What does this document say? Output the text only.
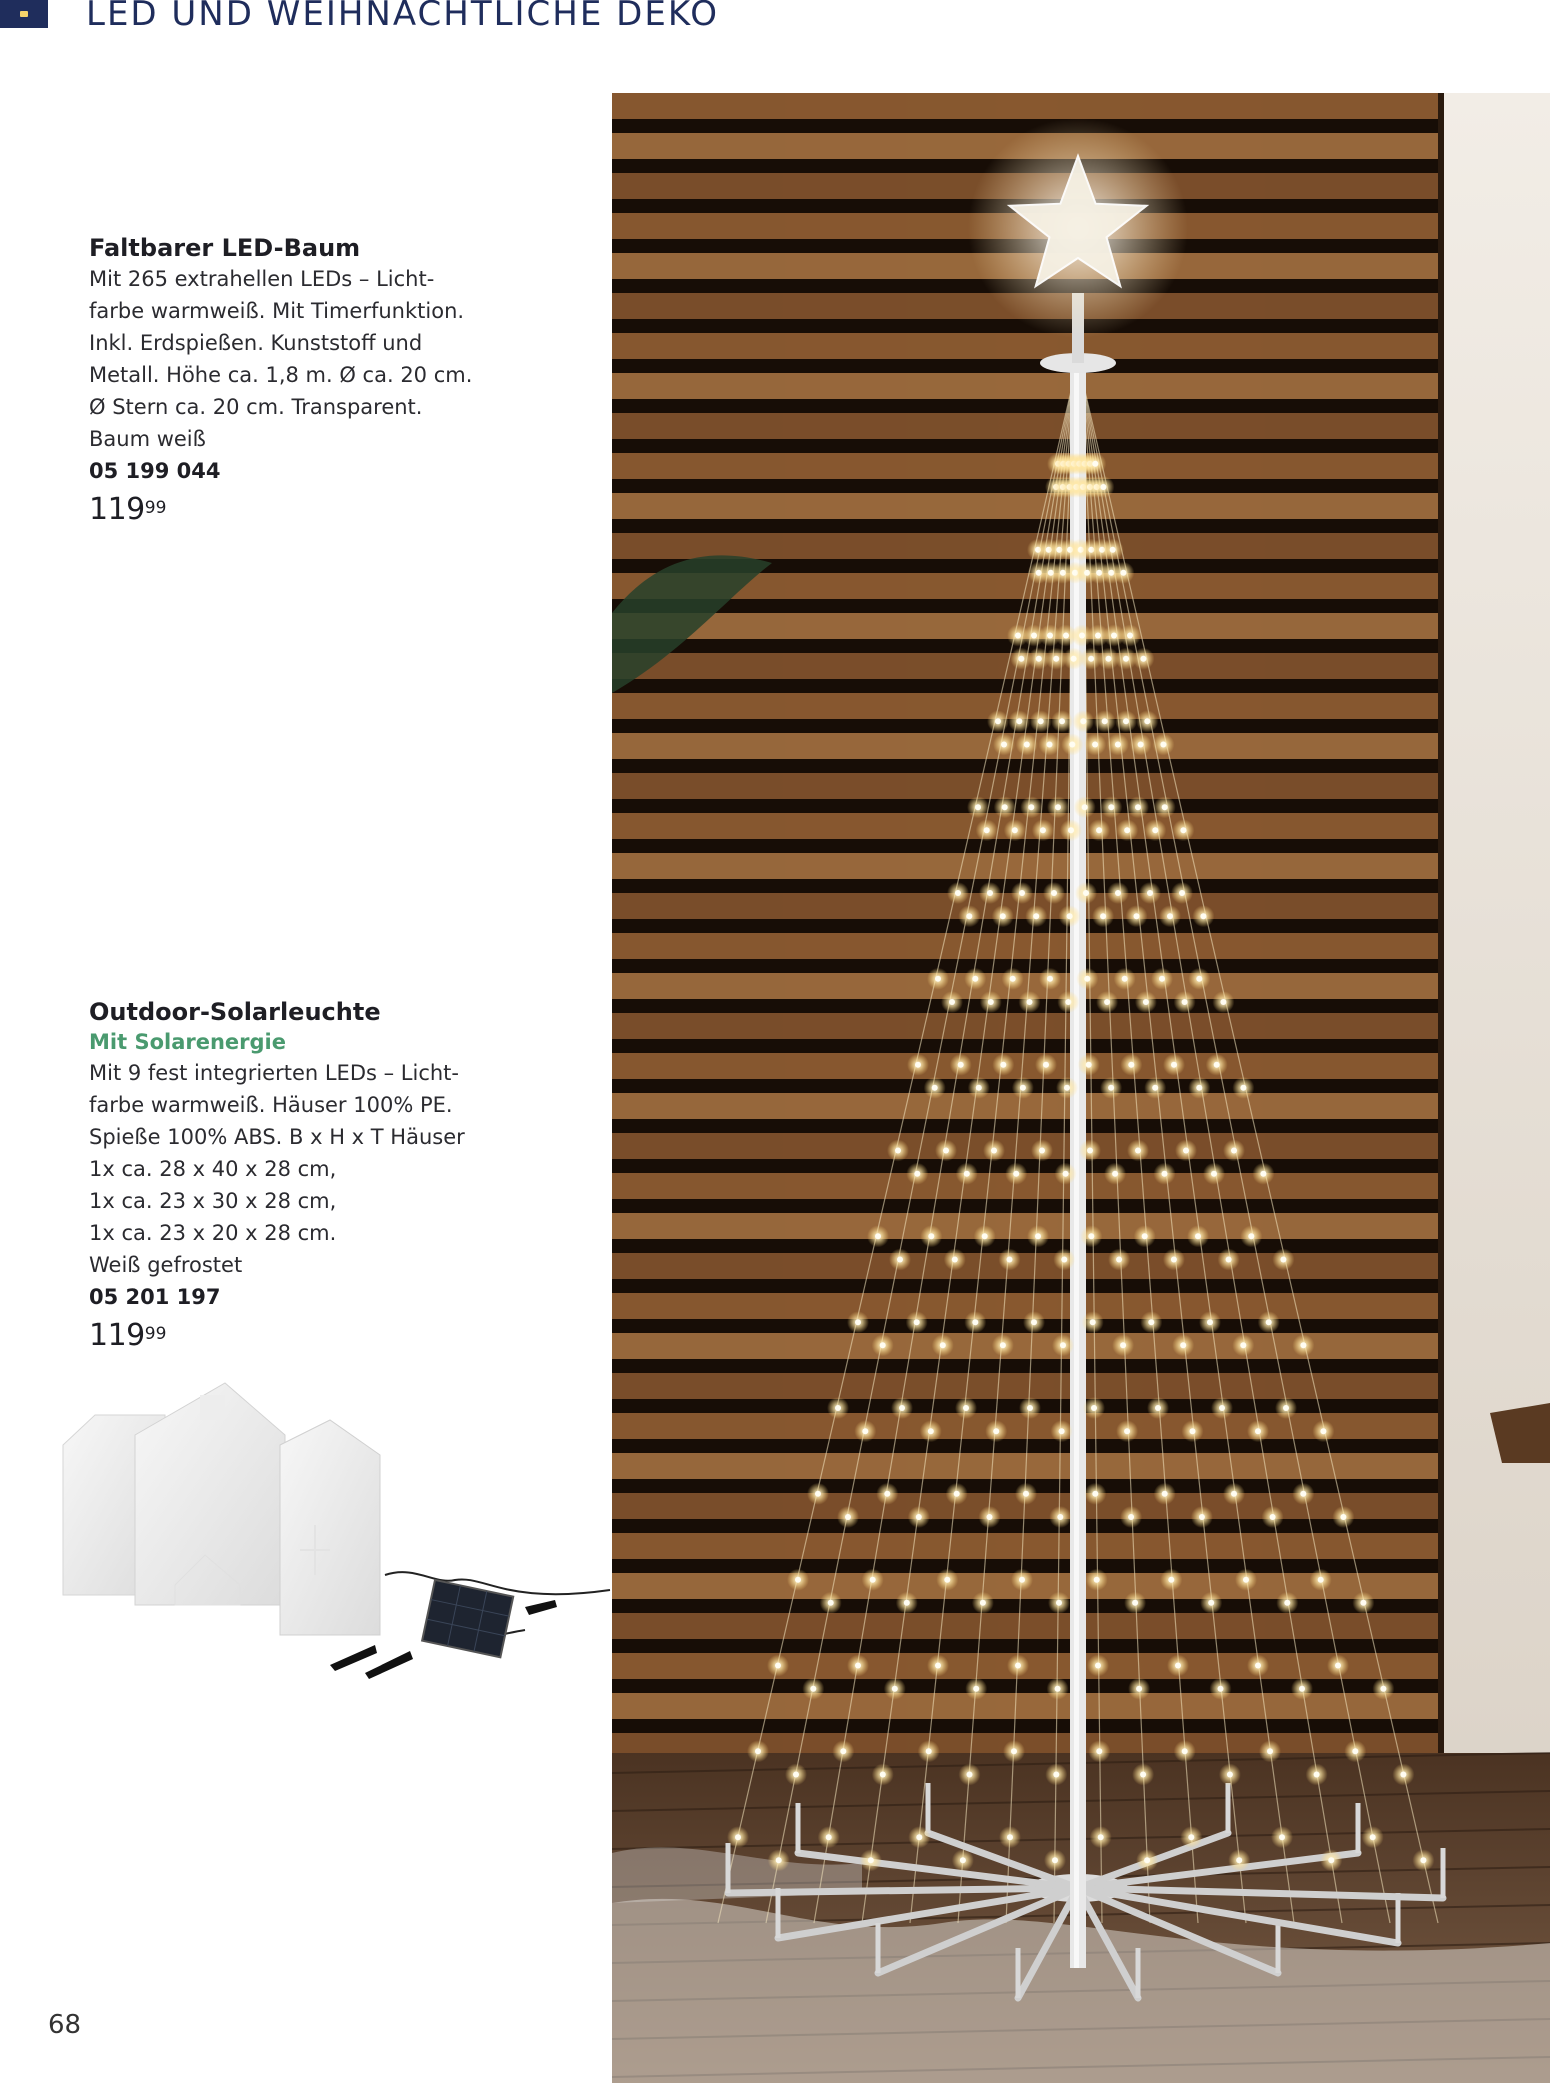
LED UND WEIHNACHTLICHE DEKO
Faltbarer LED-Baum
Mit 265 extrahellen LEDs – Licht-
farbe warmweiß. Mit Timerfunktion.
Inkl. Erdspießen. Kunststoff und
Metall. Höhe ca. 1,8 m. Ø ca. 20 cm.
Ø Stern ca. 20 cm. Transparent.
Baum weiß
05 199 044
11999
Outdoor-Solarleuchte
Mit Solarenergie
Mit 9 fest integrierten LEDs – Licht-
farbe warmweiß. Häuser 100% PE.
Spieße 100% ABS. B x H x T Häuser
1x ca. 28 x 40 x 28 cm,
1x ca. 23 x 30 x 28 cm,
1x ca. 23 x 20 x 28 cm.
Weiß gefrostet
05 201 197
11999
68
